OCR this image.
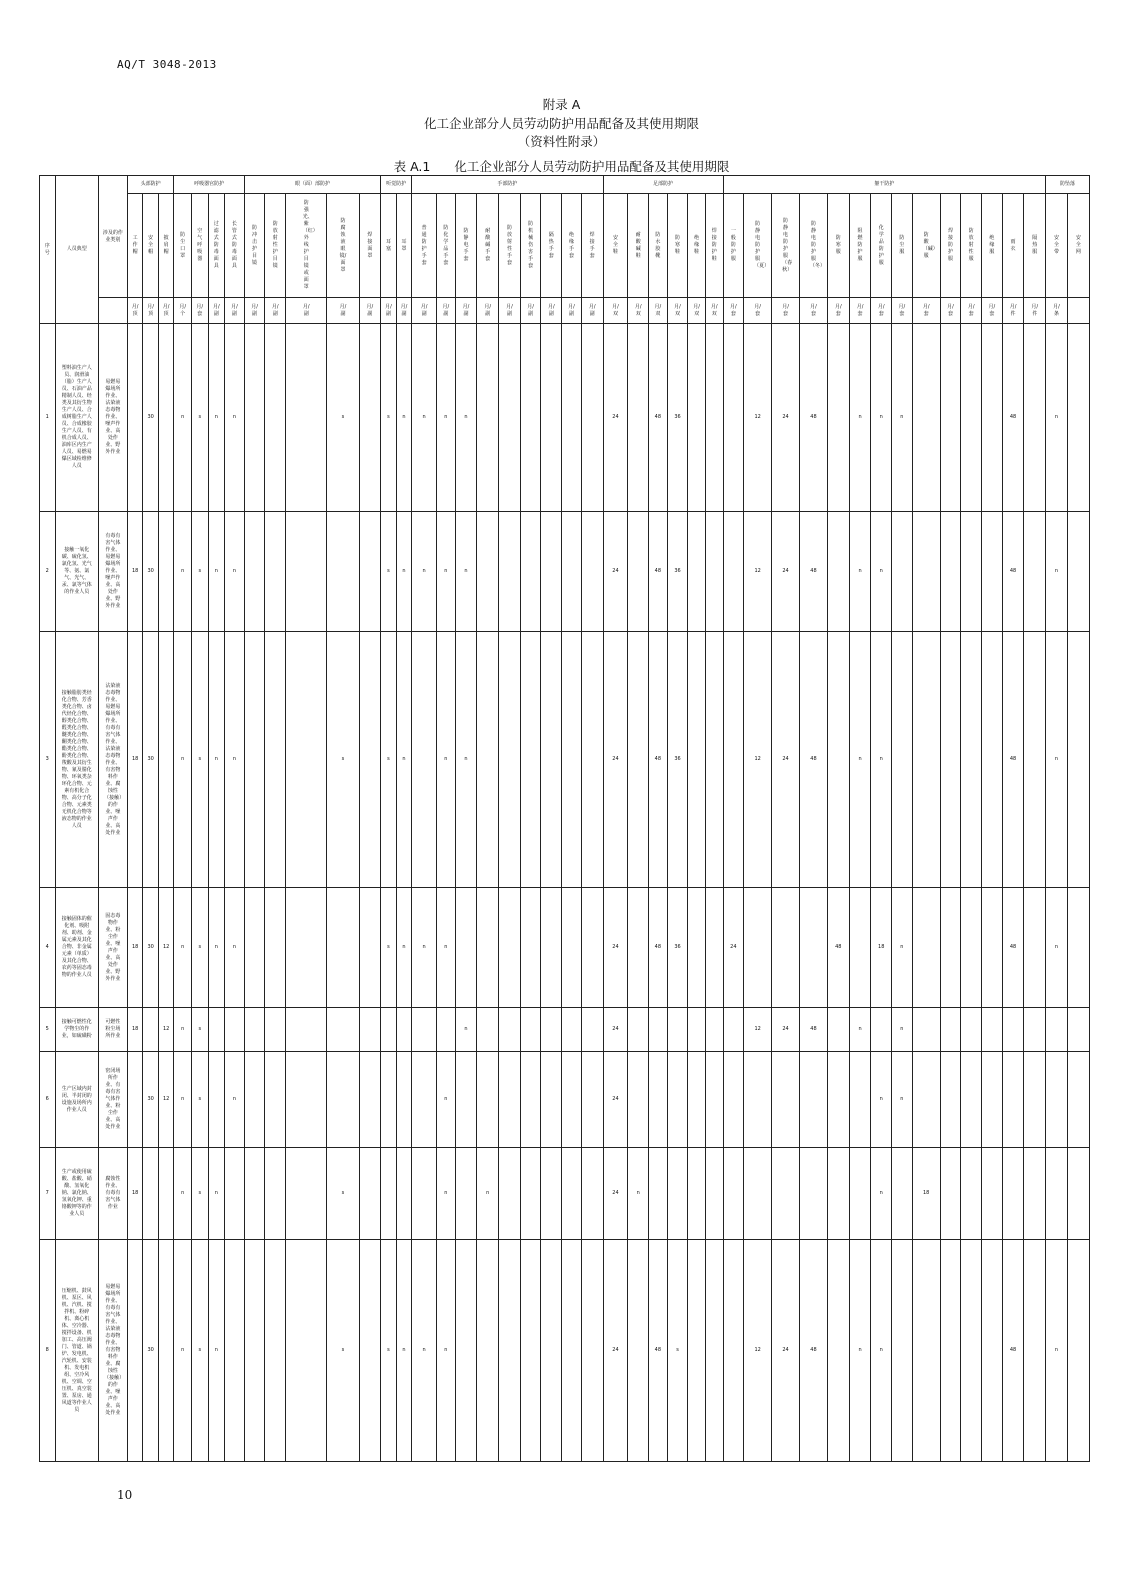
AQ/T 3048-2013
附录 A
化工企业部分人员劳动防护用品配备及其使用期限
（资料性附录）
表 A.1 化工企业部分人员劳动防护用品配备及其使用期限
序号	人员典型	涉及的作业类别	头部防护			呼吸器官防护				眼（面）部防护					听觉防护		手部防护									足部防护						躯干防护														防坠落	

			工作帽	安全帽	披肩帽	防尘口罩	空气呼吸器	过滤式防毒面具	长管式防毒面具	防冲击护目镜	防放射性护目镜	防强光、紫（红）外线护目镜或面罩	防腐蚀液眼镜/面罩	焊接面罩	耳塞	耳罩	普通防护手套	防化学品手套	防静电手套	耐酸碱手套	防放射性手套	防机械伤害手套	隔热手套	绝缘手套	焊接手套	安全鞋	耐酸碱鞋	防水胶靴	防寒鞋	绝缘鞋	焊接防护鞋	一般防护服	防静电防护服（夏）	防静电防护服（春秋）	防静电防护服（冬）	防寒服	阻燃防护服	化学品防护服	防尘服	防酸（碱）服	焊接防护服	防放射性服	绝缘服	雨衣	隔热服	安全带	安全网

			月/顶	月/顶	月/顶	月/个	月/套	月/副	月/副	月/副	月/副	月/副	月/副	月/副	月/副	月/副	月/副	月/副	月/副	月/副	月/副	月/副	月/副	月/副	月/副	月/双	月/双	月/双	月/双	月/双	月/双	月/套	月/套	月/套	月/套	月/套	月/套	月/套	月/套	月/套	月/套	月/套	月/套	月/件	月/件	月/条	

1	塑料油生产人员、润滑油（脂）生产人员、石油产品精制人员、经类及其衍生物生产人员、合成树脂生产人员、合成橡胶生产人员、有机合成人员、油库区内生产人员、易燃易爆区域检维修人员	易燃易爆场所作业、沾染液态毒物作业、噪声作业、高处作业、野外作业		30		n	s	n	n				s		s	n	n	n	n							24		48	36				12	24	48		n	n	n					48		n	

2	接触一氧化碳、硫化氢、氯化氢、光气等、氨、氯气、光气、汞、氯等气体的作业人员	有毒有害气体作业、易燃易爆场所作业、噪声作业、高处作业、野外作业	18	30		n	s	n	n						s	n	n	n	n							24		48	36				12	24	48		n	n						48		n	

3	接触脂肪类烃化合物、芳香类化合物、卤代烃化合物、醇类化合物、醛类化合物、醚类化合物、酮类化合物、酯类化合物、酚类化合物、羧酸及其衍生物、氰及腈化物、环氧类杂环化合物、元素有机化合物、高分子化合物、元素类无机化合物等液态物的作业人员	沾染液态毒物作业、易燃易爆场所作业、有毒有害气体作业、沾染液态毒物作业、有害物料作业、腐蚀性（接触）的作业、噪声作业、高处作业	18	30		n	s	n	n				s		s	n		n	n							24		48	36				12	24	48		n	n						48		n	

4	接触固体的催化剂、吸附剂、助剂、金属元素及其化合物、非金属元素（单质）及其化合物、农药等固态毒物的作业人员	固态毒物作业、粉尘作业、噪声作业、高处作业、野外作业	18	30	12	n	s	n	n						s	n	n	n								24		48	36			24				48		18	n					48		n	

5	接触可燃性化学物尘的作业，如硫磺粉	可燃性粉尘场所作业	18		12	n	s												n							24							12	24	48		n		n								

6	生产区域内封闭、半封闭的设施及场所内作业人员	密闭场所作业、有毒有害气体作业、粉尘作业、高处作业		30	12	n	s		n									n								24												n	n								

7	生产或使用硫酸、盐酸、硝酸、氢氧化钠、氯化钠、氢氧化钾、重铬酸钾等的作业人员	腐蚀性作业、有毒有害气体作业	18			n	s	n					s					n		n						24	n											n		18							

8	压缩机、鼓风机、泵区、风机、汽机、搅拌机、粉碎机、离心机体、空冷器、搅拌设备、机加工、高压阀门、管道、锅炉、发电机、汽轮机、安装机、发电机组、空冷风机、空调、空压机、真空装置、泵房、通风道等作业人员	易燃易爆场所作业、有毒有害气体作业、沾染液态毒物作业、有害物料作业、腐蚀性（接触）的作业、噪声作业、高处作业		30		n	s	n					s		s	n	n	n								24		48	s				12	24	48		n	n						48		n	

10
